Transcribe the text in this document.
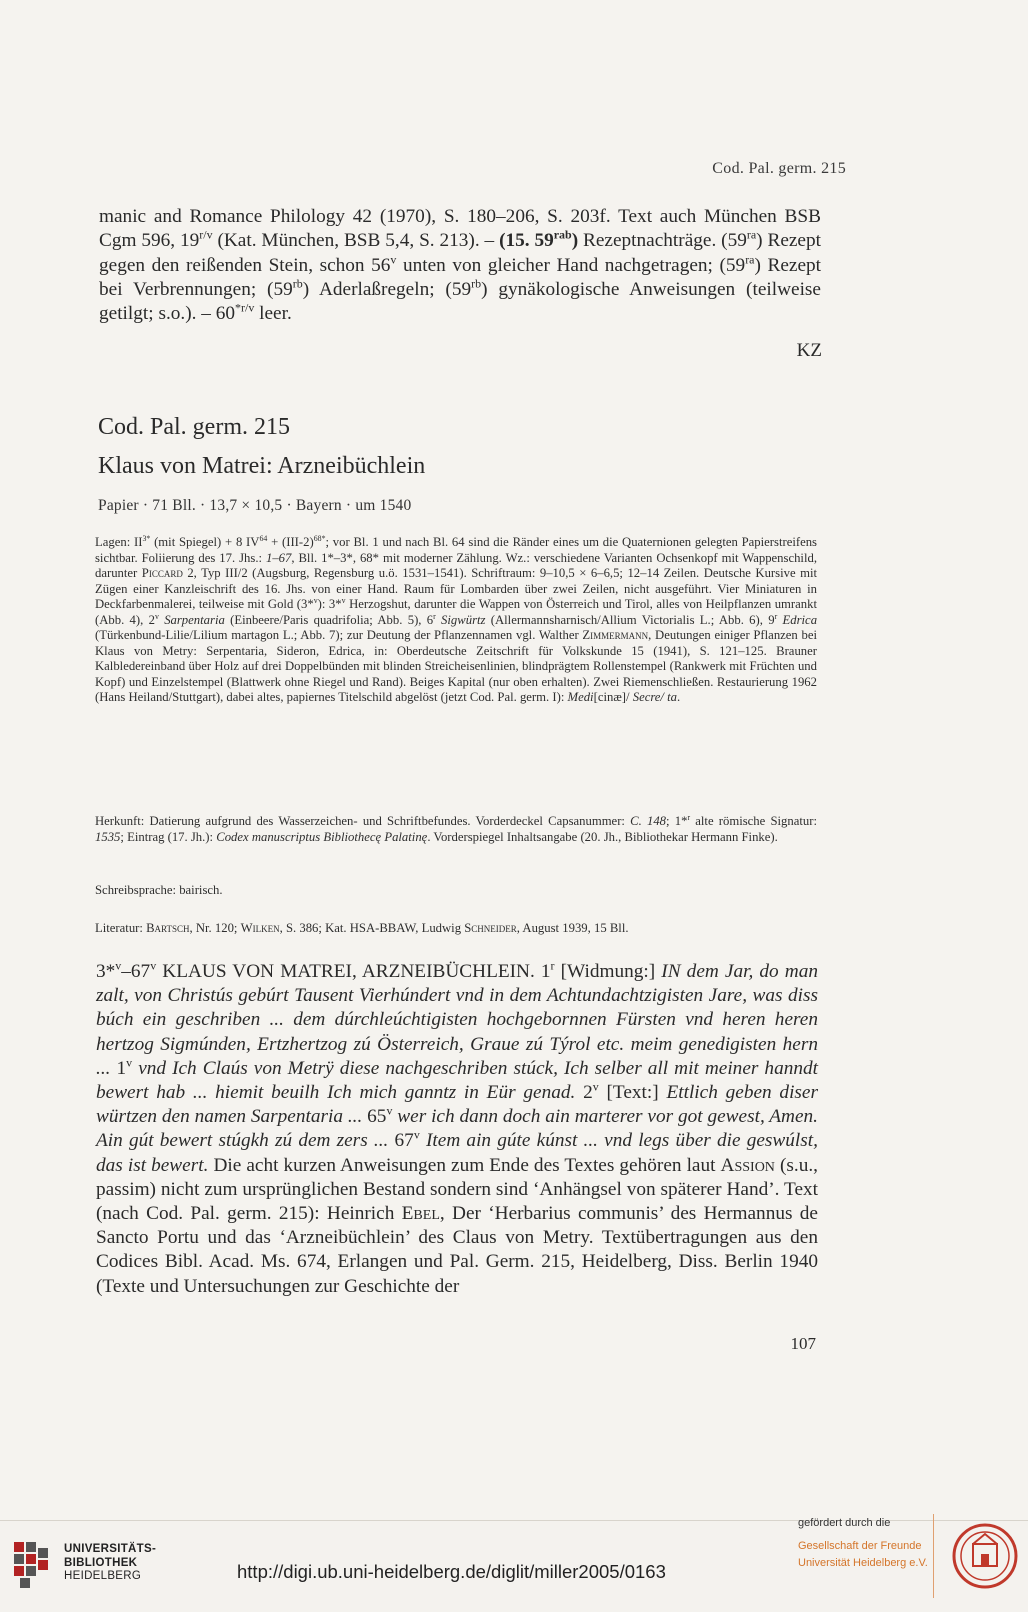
Cod. Pal. germ. 215
manic and Romance Philology 42 (1970), S. 180–206, S. 203f. Text auch München BSB Cgm 596, $19^{r/v}$ (Kat. München, BSB 5,4, S. 213). – (15. $59^{rab}$) Rezeptnachträge. $(59^{ra})$ Rezept gegen den reißenden Stein, schon 56$^v$ unten von gleicher Hand nachgetragen; $(59^{ra})$ Rezept bei Verbrennungen; $(59^{rb})$ Aderlaßregeln; $(59^{rb})$ gynäkologische Anweisungen (teilweise getilgt; s.o.). – $60^{*r/v}$ leer.
KZ
Cod. Pal. germ. 215
Klaus von Matrei: Arzneibüchlein
Papier · 71 Bll. · 13,7 × 10,5 · Bayern · um 1540
Lagen: $II^{3*}$ (mit Spiegel) + 8 $IV^{64} + (III-2)^{68*}$; vor Bl. 1 und nach Bl. 64 sind die Ränder eines um die Quaternionen gelegten Papierstreifens sichtbar. Foliierung des 17. Jhs.: 1–67, Bll. 1*–3*, 68* mit moderner Zählung. Wz.: verschiedene Varianten Ochsenkopf mit Wappenschild, darunter Piccard 2, Typ III/2 (Augsburg, Regensburg u.ö. 1531–1541). Schriftraum: 9–10,5 × 6–6,5; 12–14 Zeilen. Deutsche Kursive mit Zügen einer Kanzleischrift des 16. Jhs. von einer Hand. Raum für Lombarden über zwei Zeilen, nicht ausgeführt. Vier Miniaturen in Deckfarbenmalerei, teilweise mit Gold (3*$^v$): 3*$^v$ Herzogshut, darunter die Wappen von Österreich und Tirol, alles von Heilpflanzen umrankt (Abb. 4), 2$^v$ Sarpentaria (Einbeere/Paris quadrifolia; Abb. 5), 6$^r$ Sigwürtz (Allermannsharnisch/Allium Victorialis L.; Abb. 6), 9$^r$ Edrica (Türkenbund-Lilie/Lilium martagon L.; Abb. 7); zur Deutung der Pflanzennamen vgl. Walther Zimmermann, Deutungen einiger Pflanzen bei Klaus von Metry: Serpentaria, Sideron, Edrica, in: Oberdeutsche Zeitschrift für Volkskunde 15 (1941), S. 121–125. Brauner Kalblederеinband über Holz auf drei Doppelbünden mit blinden Streicheisenlinien, blindprägtem Rollenstempel (Rankwerk mit Früchten und Kopf) und Einzelstempel (Blattwerk ohne Riegel und Rand). Beiges Kapital (nur oben erhalten). Zwei Riemenschließen. Restaurierung 1962 (Hans Heiland/Stuttgart), dabei altes, papiernes Titelschild abgelöst (jetzt Cod. Pal. germ. I): Medi[cinæ]/ Secre/ ta.
Herkunft: Datierung aufgrund des Wasserzeichen- und Schriftbefundes. Vorderdeckel Capsanummer: C. 148; 1*$^r$ alte römische Signatur: 1535; Eintrag (17. Jh.): Codex manuscriptus Bibliothecę Palatinę. Vorderspiegel Inhaltsangabe (20. Jh., Bibliothekar Hermann Finke).
Schreibsprache: bairisch.
Literatur: Bartsch, Nr. 120; Wilken, S. 386; Kat. HSA-BBAW, Ludwig Schneider, August 1939, 15 Bll.
3*$^v$–67$^v$ KLAUS VON MATREI, ARZNEIBÜCHLEIN. 1$^r$ [Widmung:] IN dem Jar, do man zalt, von Christús gebúrt Tausent Vierhúndert vnd in dem Achtundachtzigisten Jare, was diss búch ein geschriben ... dem dúrchleúchtigisten hochgebornnen Fürsten vnd heren heren hertzog Sigmúnden, Ertzhertzog zú Österreich, Graue zú Týrol etc. meim genedigisten hern ... 1$^v$ vnd Ich Claús von Metrÿ diese nachgeschriben stúck, Ich selber all mit meiner hanndt bewert hab ... hiemit beuilh Ich mich ganntz in Eür genad. 2$^v$ [Text:] Ettlich geben diser würtzen den namen Sarpentaria ... 65$^v$ wer ich dann doch ain marterer vor got gewest, Amen. Ain gút bewert stúgkh zú dem zers ... 67$^v$ Item ain gúte kúnst ... vnd legs über die geswúlst, das ist bewert. Die acht kurzen Anweisungen zum Ende des Textes gehören laut Assion (s.u., passim) nicht zum ursprünglichen Bestand sondern sind ‘Anhängsel von späterer Hand’. Text (nach Cod. Pal. germ. 215): Heinrich Ebel, Der ‘Herbarius communis’ des Hermannus de Sancto Portu und das ‘Arzneibüchlein’ des Claus von Metry. Textübertragungen aus den Codices Bibl. Acad. Ms. 674, Erlangen und Pal. Germ. 215, Heidelberg, Diss. Berlin 1940 (Texte und Untersuchungen zur Geschichte der
107
UNIVERSITÄTS-
BIBLIOTHEK
HEIDELBERG	http://digi.ub.uni-heidelberg.de/diglit/miller2005/0163
gefördert durch die
Gesellschaft der Freunde
Universität Heidelberg e.V.
